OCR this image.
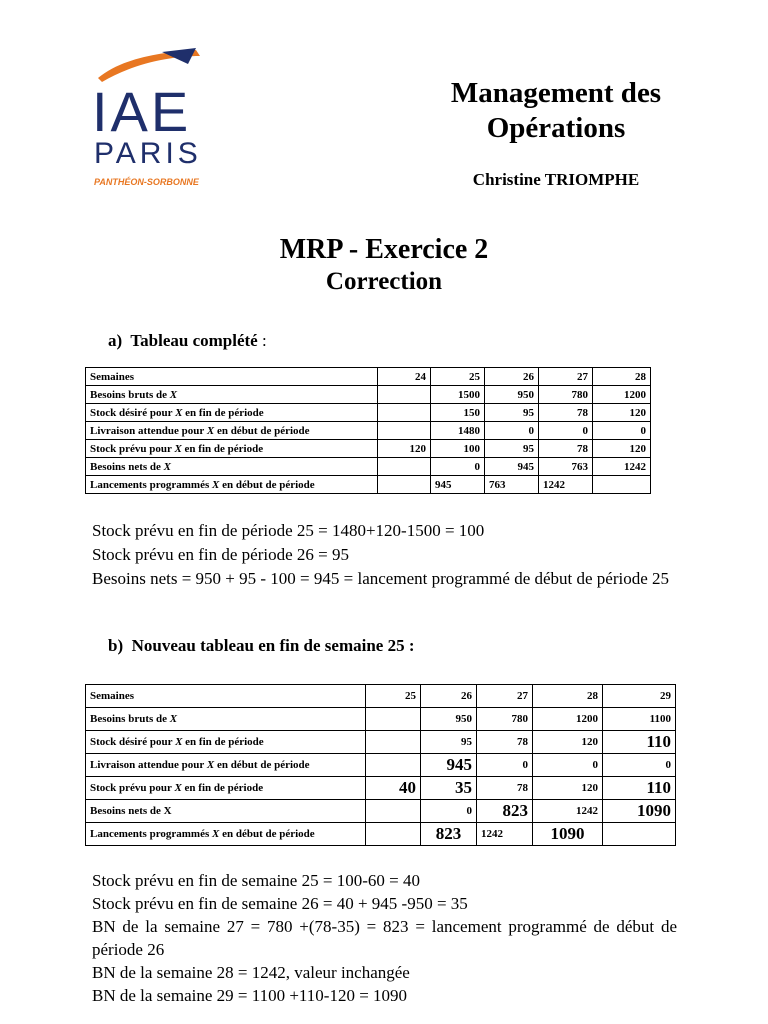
IAE
PARIS
PANTHÉON-SORBONNE
Management des
Opérations
Christine TRIOMPHE
MRP - Exercice 2
Correction
a) Tableau complété :
Semaines	24	25	26	27	28
Besoins bruts de X		1500	950	780	1200
Stock désiré pour X en fin de période		150	95	78	120
Livraison attendue pour X en début de période		1480	0	0	0
Stock prévu pour X en fin de période	120	100	95	78	120
Besoins nets de X		0	945	763	1242
Lancements programmés X en début de période		945	763	1242	
Stock prévu en fin de période 25 = 1480+120-1500 = 100
Stock prévu en fin de période 26 = 95
Besoins nets = 950 + 95 - 100 = 945 = lancement programmé de début de période 25
b) Nouveau tableau en fin de semaine 25 :
Semaines	25	26	27	28	29
Besoins bruts de X		950	780	1200	1100
Stock désiré pour X en fin de période		95	78	120	110
Livraison attendue pour X en début de période		945	0	0	0
Stock prévu pour X en fin de période	40	35	78	120	110
Besoins nets de X		0	823	1242	1090
Lancements programmés X en début de période		823	1242	1090	
Stock prévu en fin de semaine 25 = 100-60 = 40
Stock prévu en fin de semaine 26 = 40 + 945 -950 = 35
BN de la semaine 27 = 780 +(78-35) = 823 = lancement programmé de début de période 26
BN de la semaine 28 = 1242, valeur inchangée
BN de la semaine 29 = 1100 +110-120 = 1090
